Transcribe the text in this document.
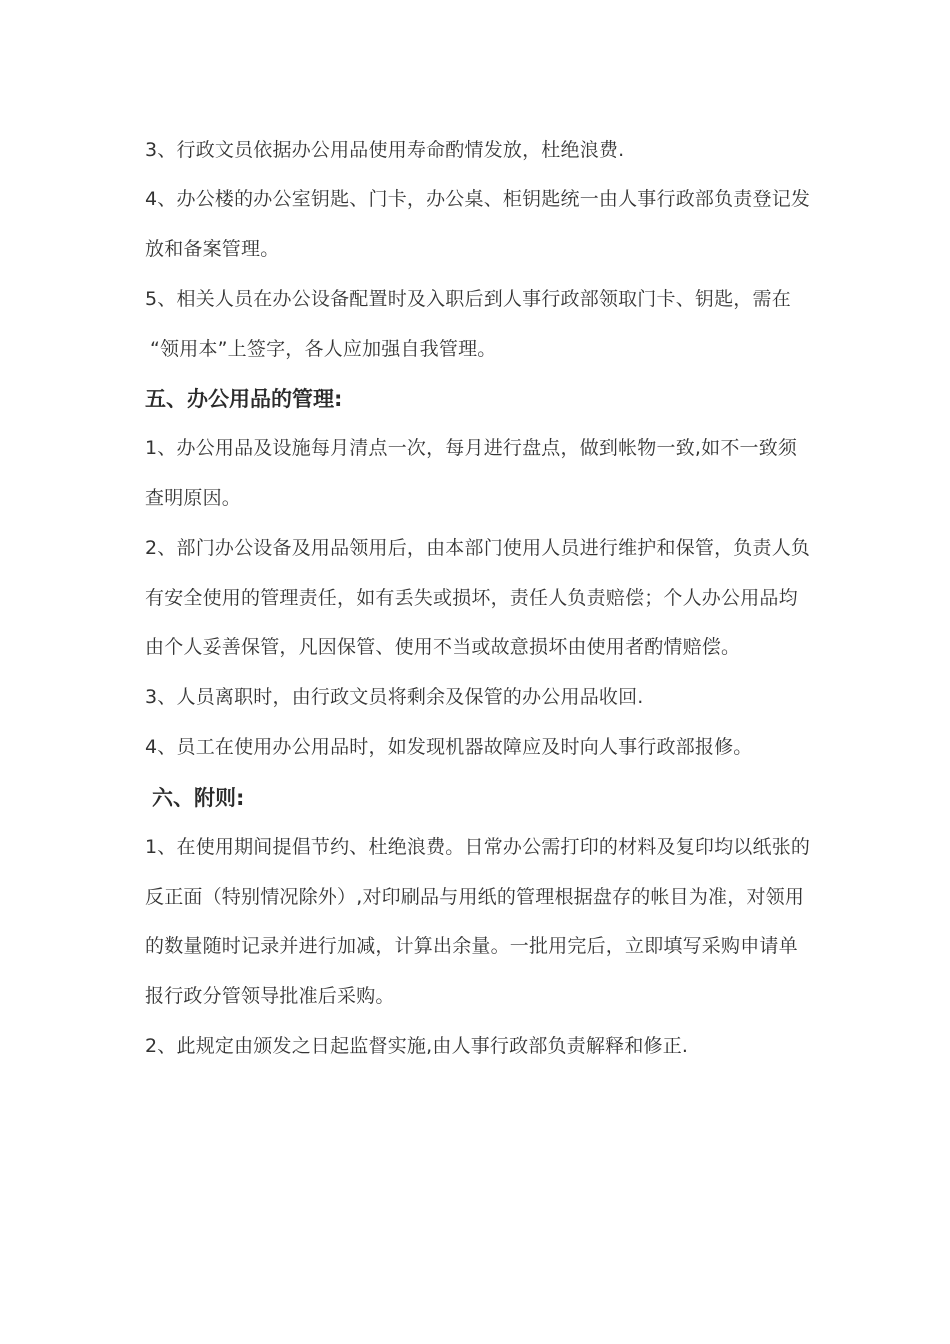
3、行政文员依据办公用品使用寿命酌情发放，杜绝浪费.
4、办公楼的办公室钥匙、门卡，办公桌、柜钥匙统一由人事行政部负责登记发
放和备案管理。
5、相关人员在办公设备配置时及入职后到人事行政部领取门卡、钥匙，需在
“领用本”上签字，各人应加强自我管理。
五、办公用品的管理:
1、办公用品及设施每月清点一次，每月进行盘点，做到帐物一致,如不一致须
查明原因。
2、部门办公设备及用品领用后，由本部门使用人员进行维护和保管，负责人负
有安全使用的管理责任，如有丢失或损坏，责任人负责赔偿；个人办公用品均
由个人妥善保管，凡因保管、使用不当或故意损坏由使用者酌情赔偿。
3、人员离职时，由行政文员将剩余及保管的办公用品收回.
4、员工在使用办公用品时，如发现机器故障应及时向人事行政部报修。
六、附则:
1、在使用期间提倡节约、杜绝浪费。日常办公需打印的材料及复印均以纸张的
反正面（特别情况除外）,对印刷品与用纸的管理根据盘存的帐目为准，对领用
的数量随时记录并进行加减，计算出余量。一批用完后，立即填写采购申请单
报行政分管领导批准后采购。
2、此规定由颁发之日起监督实施,由人事行政部负责解释和修正.
